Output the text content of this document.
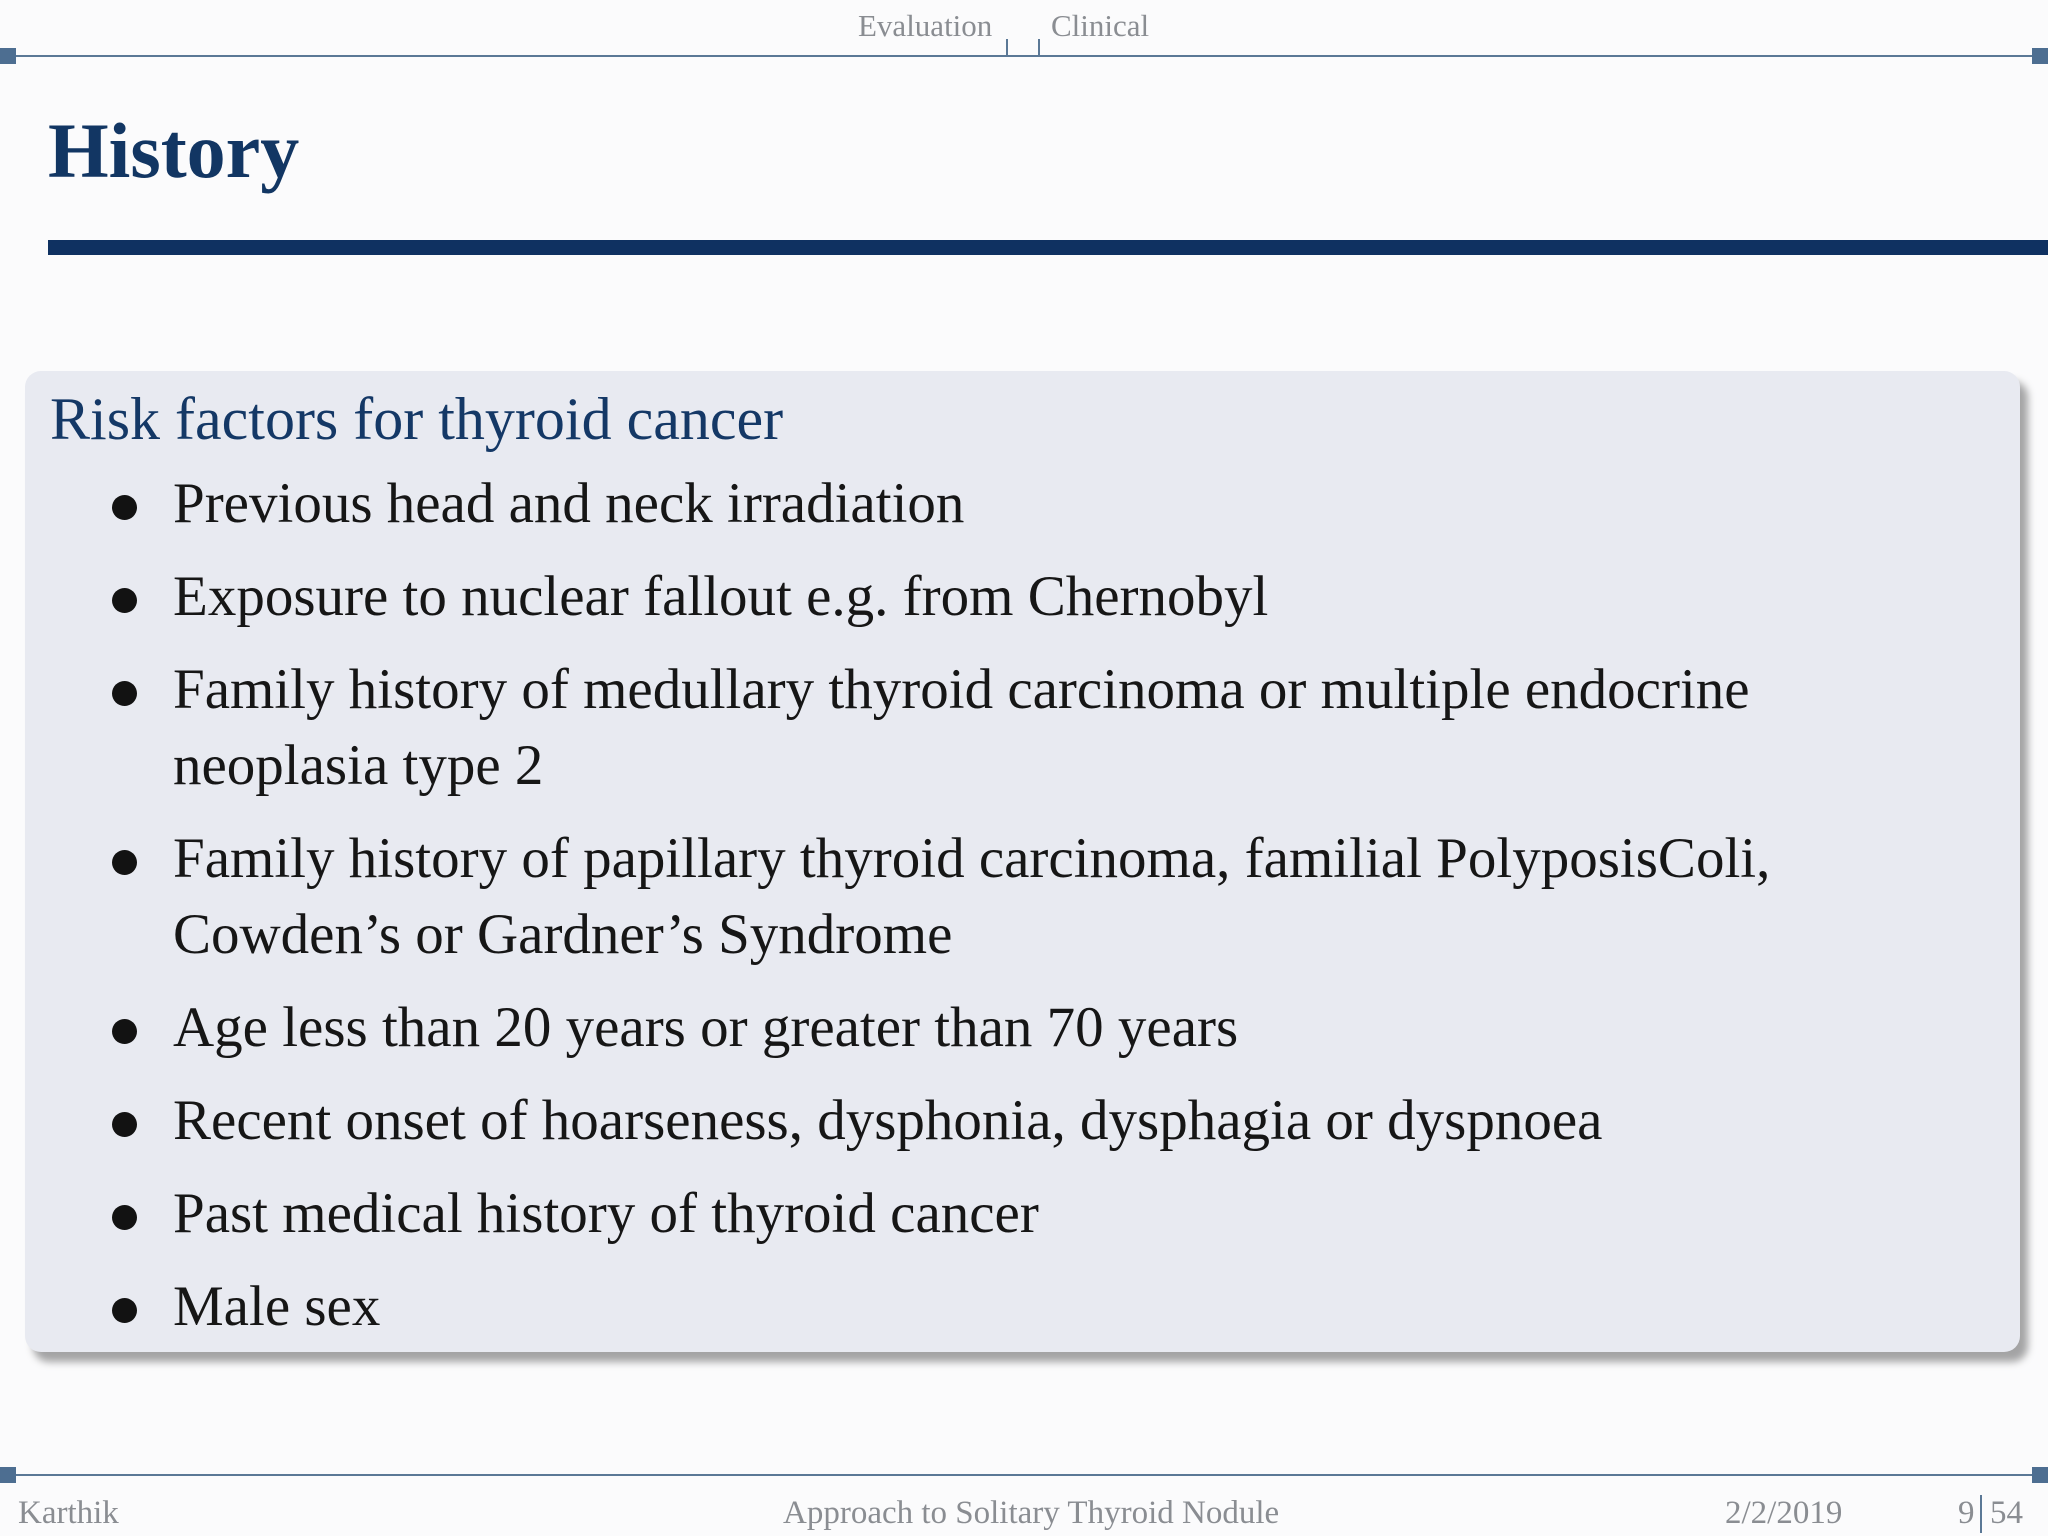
Evaluation Clinical
History
Risk factors for thyroid cancer
Previous head and neck irradiation
Exposure to nuclear fallout e.g. from Chernobyl
Family history of medullary thyroid carcinoma or multiple endocrine
neoplasia type 2
Family history of papillary thyroid carcinoma, familial PolyposisColi,
Cowden’s or Gardner’s Syndrome
Age less than 20 years or greater than 70 years
Recent onset of hoarseness, dysphonia, dysphagia or dyspnoea
Past medical history of thyroid cancer
Male sex
Karthik	Approach to Solitary Thyroid Nodule	2/2/2019	9 54
